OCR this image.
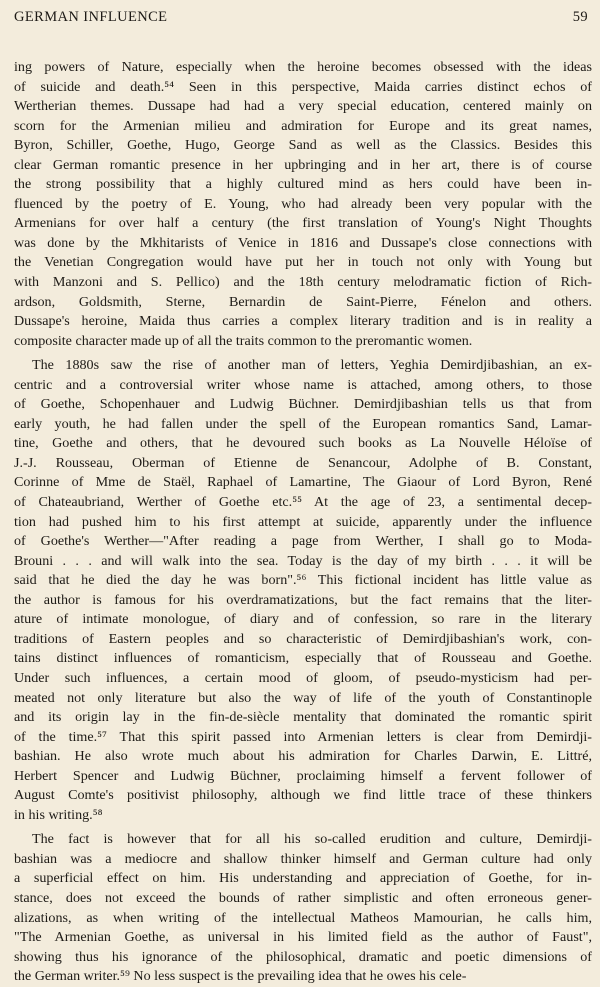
GERMAN INFLUENCE	59
ing powers of Nature, especially when the heroine becomes obsessed with the ideas
of suicide and death.⁵⁴ Seen in this perspective, Maida carries distinct echos of
Wertherian themes. Dussape had had a very special education, centered mainly on
scorn for the Armenian milieu and admiration for Europe and its great names,
Byron, Schiller, Goethe, Hugo, George Sand as well as the Classics. Besides this
clear German romantic presence in her upbringing and in her art, there is of course
the strong possibility that a highly cultured mind as hers could have been in-
fluenced by the poetry of E. Young, who had already been very popular with the
Armenians for over half a century (the first translation of Young's Night Thoughts
was done by the Mkhitarists of Venice in 1816 and Dussape's close connections with
the Venetian Congregation would have put her in touch not only with Young but
with Manzoni and S. Pellico) and the 18th century melodramatic fiction of Rich-
ardson, Goldsmith, Sterne, Bernardin de Saint-Pierre, Fénelon and others.
Dussape's heroine, Maida thus carries a complex literary tradition and is in reality a
composite character made up of all the traits common to the preromantic women.
The 1880s saw the rise of another man of letters, Yeghia Demirdjibashian, an ex-
centric and a controversial writer whose name is attached, among others, to those
of Goethe, Schopenhauer and Ludwig Büchner. Demirdjibashian tells us that from
early youth, he had fallen under the spell of the European romantics Sand, Lamar-
tine, Goethe and others, that he devoured such books as La Nouvelle Héloïse of
J.-J. Rousseau, Oberman of Etienne de Senancour, Adolphe of B. Constant,
Corinne of Mme de Staël, Raphael of Lamartine, The Giaour of Lord Byron, René
of Chateaubriand, Werther of Goethe etc.⁵⁵ At the age of 23, a sentimental decep-
tion had pushed him to his first attempt at suicide, apparently under the influence
of Goethe's Werther—"After reading a page from Werther, I shall go to Moda-
Brouni . . . and will walk into the sea. Today is the day of my birth . . . it will be
said that he died the day he was born".⁵⁶ This fictional incident has little value as
the author is famous for his overdramatizations, but the fact remains that the liter-
ature of intimate monologue, of diary and of confession, so rare in the literary
traditions of Eastern peoples and so characteristic of Demirdjibashian's work, con-
tains distinct influences of romanticism, especially that of Rousseau and Goethe.
Under such influences, a certain mood of gloom, of pseudo-mysticism had per-
meated not only literature but also the way of life of the youth of Constantinople
and its origin lay in the fin-de-siècle mentality that dominated the romantic spirit
of the time.⁵⁷ That this spirit passed into Armenian letters is clear from Demirdji-
bashian. He also wrote much about his admiration for Charles Darwin, E. Littré,
Herbert Spencer and Ludwig Büchner, proclaiming himself a fervent follower of
August Comte's positivist philosophy, although we find little trace of these thinkers
in his writing.⁵⁸
The fact is however that for all his so-called erudition and culture, Demirdji-
bashian was a mediocre and shallow thinker himself and German culture had only
a superficial effect on him. His understanding and appreciation of Goethe, for in-
stance, does not exceed the bounds of rather simplistic and often erroneous gener-
alizations, as when writing of the intellectual Matheos Mamourian, he calls him,
"The Armenian Goethe, as universal in his limited field as the author of Faust",
showing thus his ignorance of the philosophical, dramatic and poetic dimensions of
the German writer.⁵⁹ No less suspect is the prevailing idea that he owes his cele-
